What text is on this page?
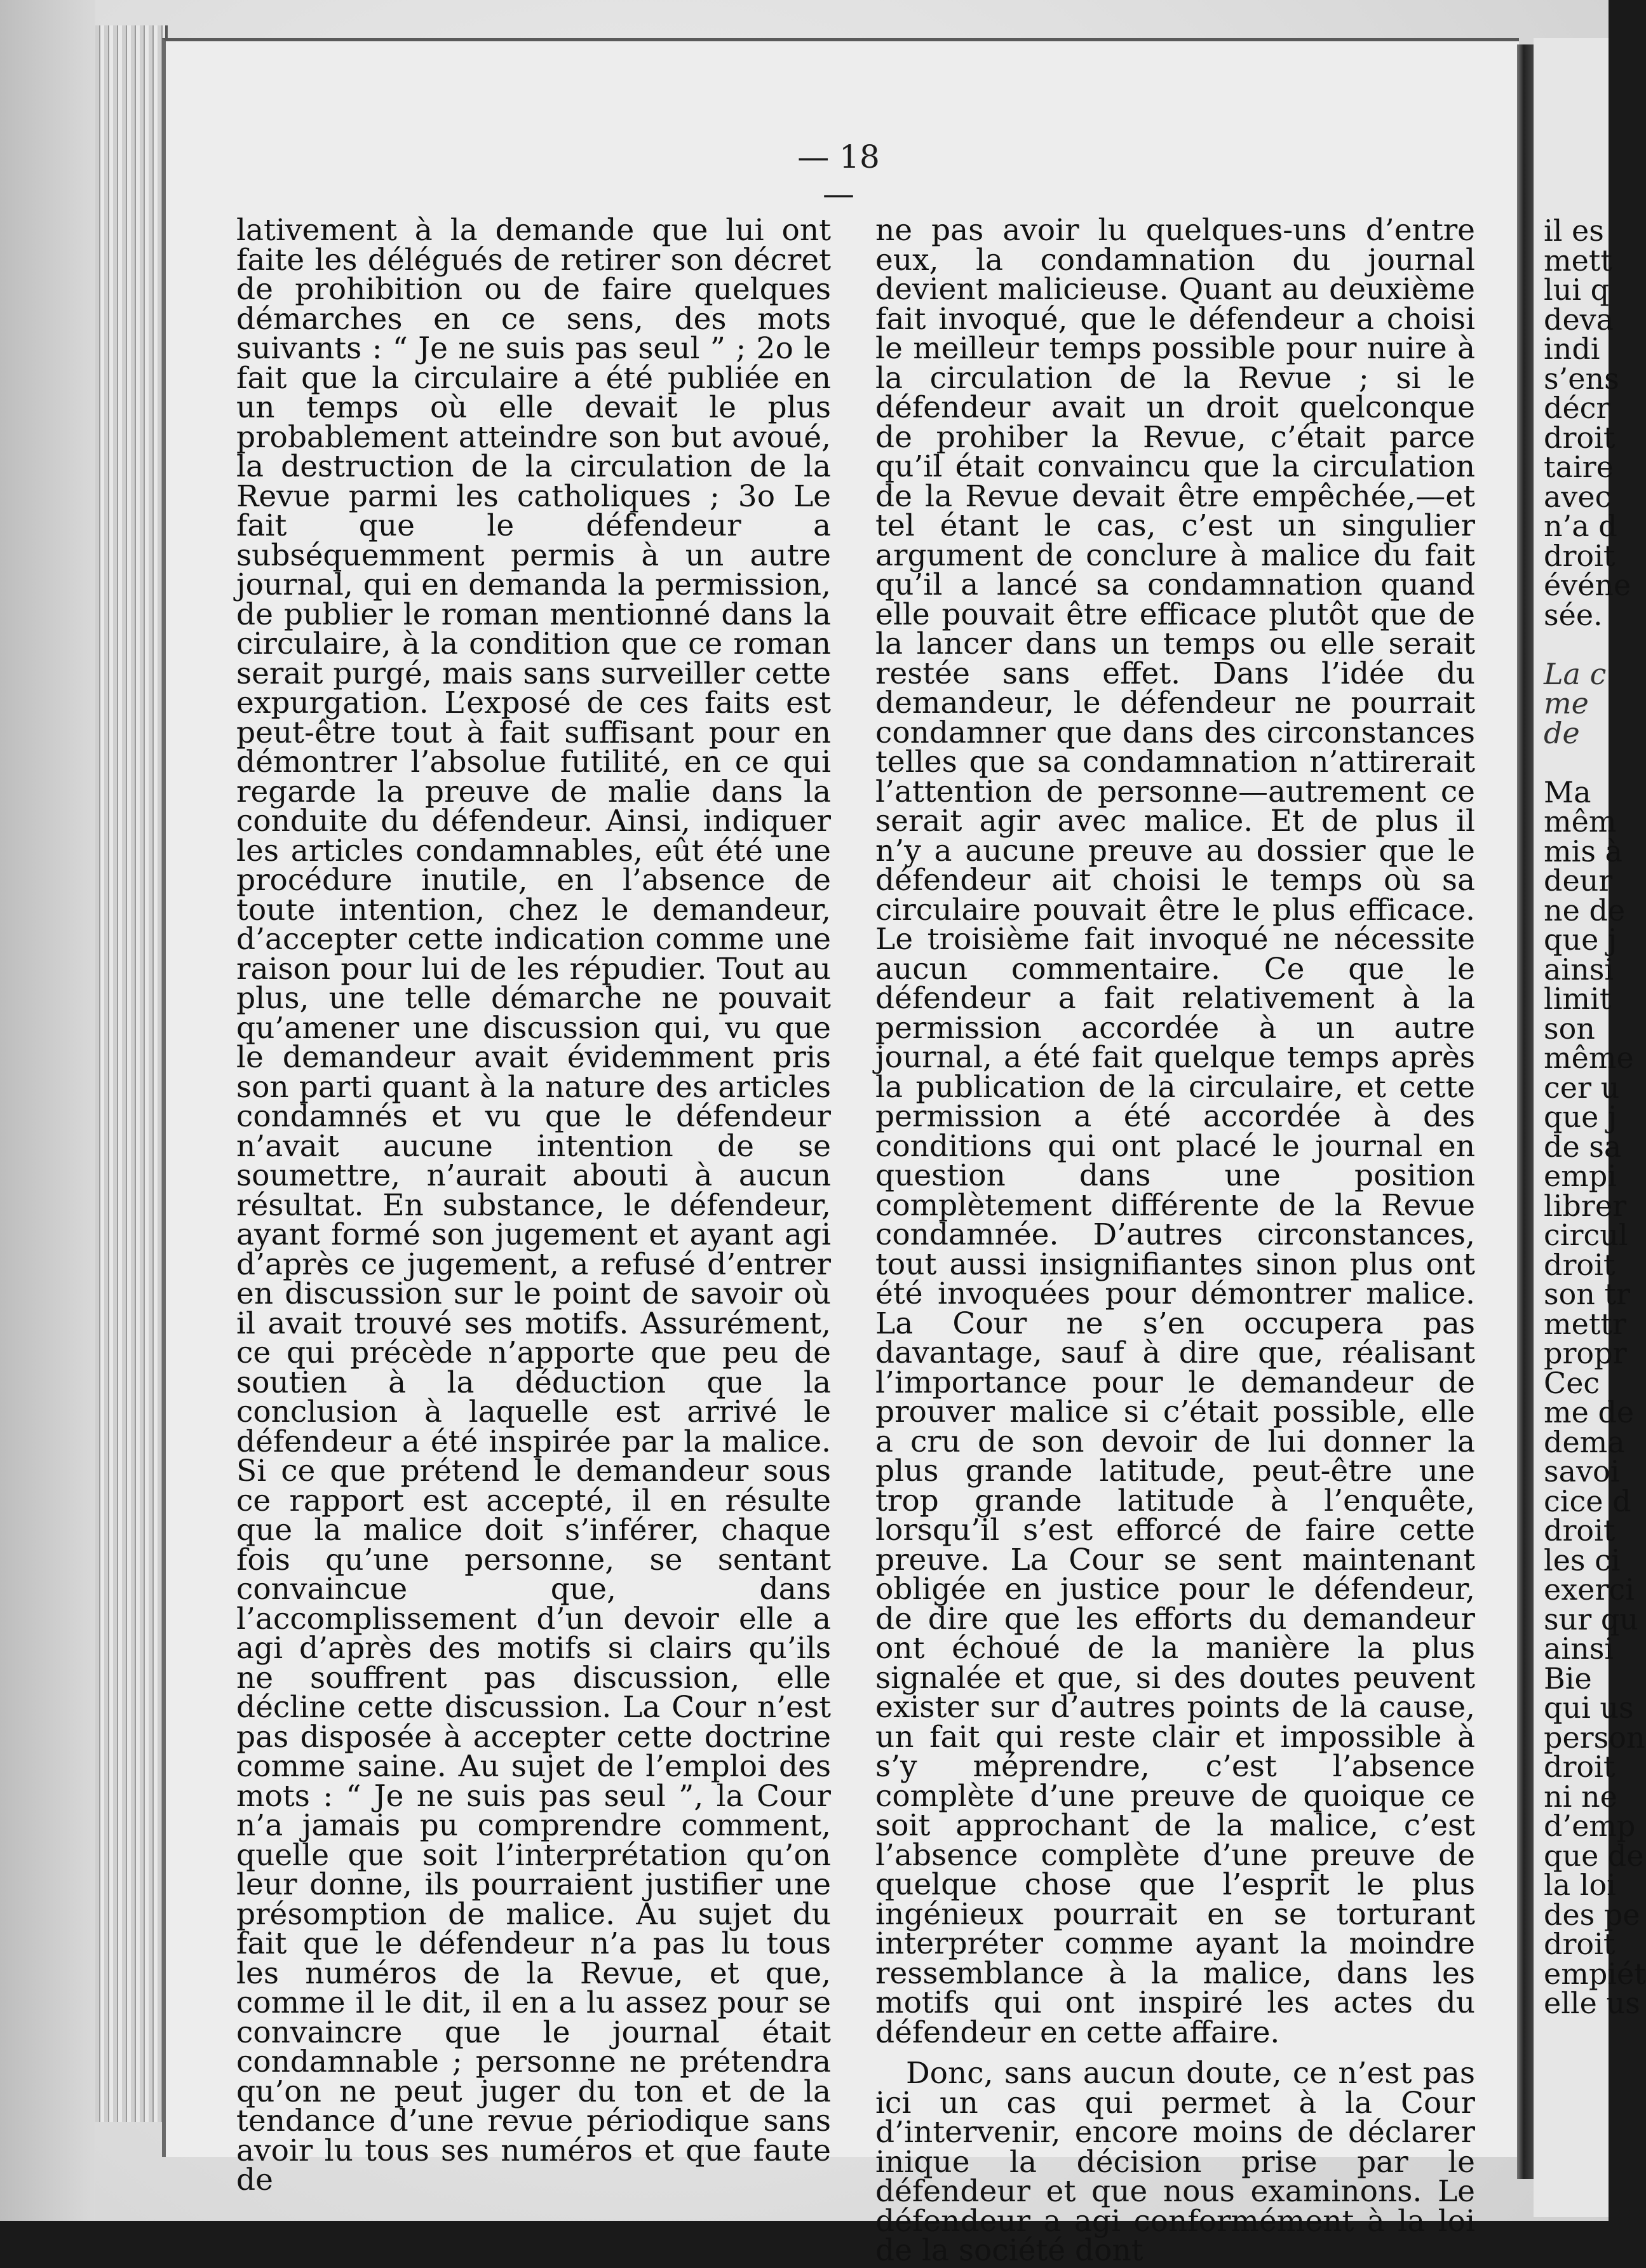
— 18 —

lativement à la demande que lui ont faite les délégués de retirer son décret de prohibition ou de faire quelques démarches en ce sens, des mots suivants : “ Je ne suis pas seul ” ; 2o le fait que la circulaire a été publiée en un temps où elle devait le plus probablement atteindre son but avoué, la destruction de la circulation de la Revue parmi les catholiques ; 3o Le fait que le défendeur a subséquemment permis à un autre journal, qui en demanda la permission, de publier le roman mentionné dans la circulaire, à la condition que ce roman serait purgé, mais sans surveiller cette expurgation. L’exposé de ces faits est peut-être tout à fait suffisant pour en démontrer l’absolue futilité, en ce qui regarde la preuve de malie dans la conduite du défendeur. Ainsi, indiquer les articles condamnables, eût été une procédure inutile, en l’absence de toute intention, chez le demandeur, d’accepter cette indication comme une raison pour lui de les répudier. Tout au plus, une telle démarche ne pouvait qu’amener une discussion qui, vu que le demandeur avait évidemment pris son parti quant à la nature des articles condamnés et vu que le défendeur n’avait aucune intention de se soumettre, n’aurait abouti à aucun résultat. En substance, le défendeur, ayant formé son jugement et ayant agi d’après ce jugement, a refusé d’entrer en discussion sur le point de savoir où il avait trouvé ses motifs. Assurément, ce qui précède n’apporte que peu de soutien à la déduction que la conclusion à laquelle est arrivé le défendeur a été inspirée par la malice. Si ce que prétend le demandeur sous ce rapport est accepté, il en résulte que la malice doit s’inférer, chaque fois qu’une personne, se sentant convaincue que, dans l’accomplissement d’un devoir elle a agi d’après des motifs si clairs qu’ils ne souffrent pas discussion, elle décline cette discussion. La Cour n’est pas disposée à accepter cette doctrine comme saine. Au sujet de l’emploi des mots : “ Je ne suis pas seul ”, la Cour n’a jamais pu comprendre comment, quelle que soit l’interprétation qu’on leur donne, ils pourraient justifier une présomption de malice. Au sujet du fait que le défendeur n’a pas lu tous les numéros de la Revue, et que, comme il le dit, il en a lu assez pour se convaincre que le journal était condamnable ; personne ne prétendra qu’on ne peut juger du ton et de la tendance d’une revue périodique sans avoir lu tous ses numéros et que faute de

ne pas avoir lu quelques-uns d’entre eux, la condamnation du journal devient malicieuse. Quant au deuxième fait invoqué, que le défendeur a choisi le meilleur temps possible pour nuire à la circulation de la Revue ; si le défendeur avait un droit quelconque de prohiber la Revue, c’était parce qu’il était convaincu que la circulation de la Revue devait être empêchée,—et tel étant le cas, c’est un singulier argument de conclure à malice du fait qu’il a lancé sa condamnation quand elle pouvait être efficace plutôt que de la lancer dans un temps ou elle serait restée sans effet. Dans l’idée du demandeur, le défendeur ne pourrait condamner que dans des circonstances telles que sa condamnation n’attirerait l’attention de personne—autrement ce serait agir avec malice. Et de plus il n’y a aucune preuve au dossier que le défendeur ait choisi le temps où sa circulaire pouvait être le plus efficace. Le troisième fait invoqué ne nécessite aucun commentaire. Ce que le défendeur a fait relativement à la permission accordée à un autre journal, a été fait quelque temps après la publication de la circulaire, et cette permission a été accordée à des conditions qui ont placé le journal en question dans une position complètement différente de la Revue condamnée. D’autres circonstances, tout aussi insignifiantes sinon plus ont été invoquées pour démontrer malice. La Cour ne s’en occupera pas davantage, sauf à dire que, réalisant l’importance pour le demandeur de prouver malice si c’était possible, elle a cru de son devoir de lui donner la plus grande latitude, peut-être une trop grande latitude à l’enquête, lorsqu’il s’est efforcé de faire cette preuve. La Cour se sent maintenant obligée en justice pour le défendeur, de dire que les efforts du demandeur ont échoué de la manière la plus signalée et que, si des doutes peuvent exister sur d’autres points de la cause, un fait qui reste clair et impossible à s’y méprendre, c’est l’absence complète d’une preuve de quoique ce soit approchant de la malice, c’est l’absence complète d’une preuve de quelque chose que l’esprit le plus ingénieux pourrait en se torturant interpréter comme ayant la moindre ressemblance à la malice, dans les motifs qui ont inspiré les actes du défendeur en cette affaire.

Donc, sans aucun doute, ce n’est pas ici un cas qui permet à la Cour d’intervenir, encore moins de déclarer inique la décision prise par le défendeur et que nous examinons. Le défendeur a agi conformément à la loi de la société dont

il es
mett
lui q
deva
indi
s’ens
décr
droit
taire
avec
n’a d
droit
événe
sée.
La c
me
de
Ma
mêm
mis à
deur
ne de
que j
ainsi
limit
son
même
cer u
que j
de sa
empi
librer
circul
droit
son tr
mettr
propr
Cec
me de
dema
savoi
cice d
droit
les ci
exerci
sur qu
ainsi
Bie
qui us
person
droit
ni ne
d’emp
que de
la loi
des pe
droit
empiét
elle us
